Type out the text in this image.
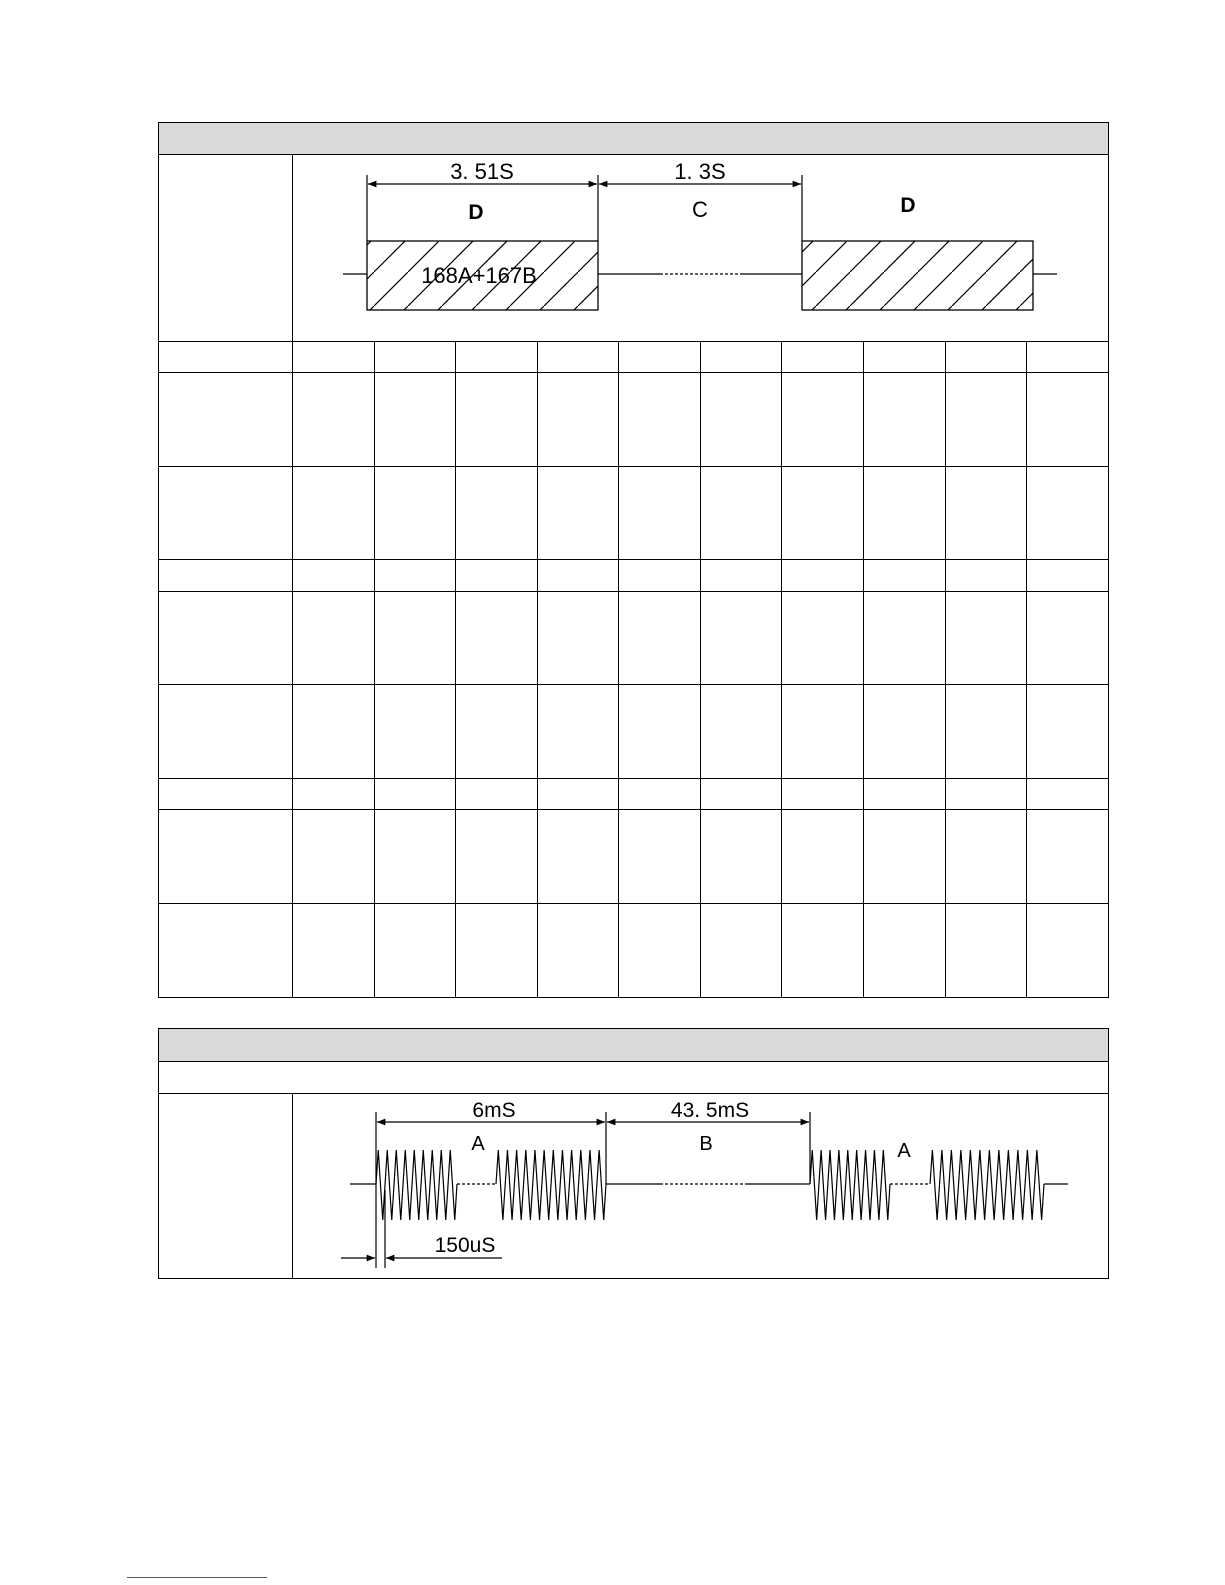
3. 51S	1. 3S
D	C	D
168A+167B
6mS	43. 5mS
A	B	A
150uS
